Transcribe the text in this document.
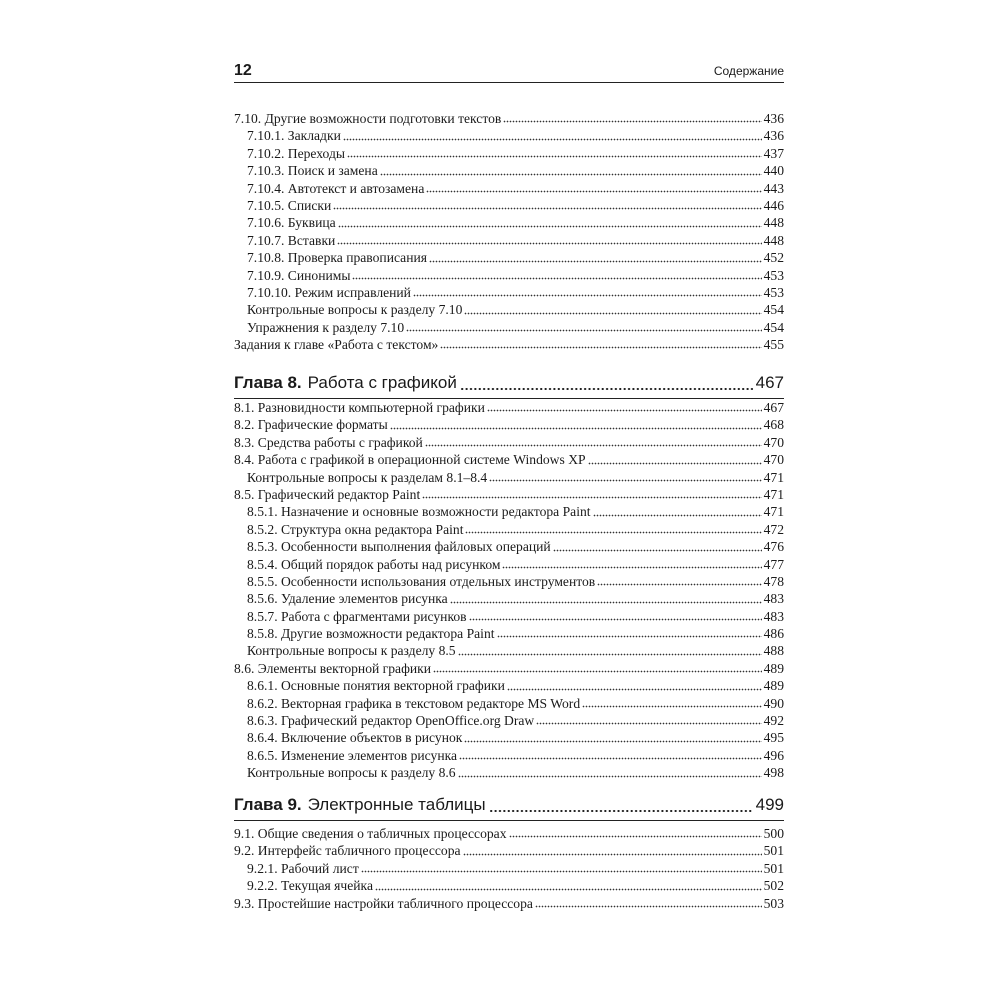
12	Содержание
7.10. Другие возможности подготовки текстов	436
7.10.1. Закладки	436
7.10.2. Переходы	437
7.10.3. Поиск и замена	440
7.10.4. Автотекст и автозамена	443
7.10.5. Списки	446
7.10.6. Буквица	448
7.10.7. Вставки	448
7.10.8. Проверка правописания	452
7.10.9. Синонимы	453
7.10.10. Режим исправлений	453
Контрольные вопросы к разделу 7.10	454
Упражнения к разделу 7.10	454
Задания к главе «Работа с текстом»	455
Глава 8. Работа с графикой	467
8.1. Разновидности компьютерной графики	467
8.2. Графические форматы	468
8.3. Средства работы с графикой	470
8.4. Работа с графикой в операционной системе Windows XP	470
Контрольные вопросы к разделам 8.1–8.4	471
8.5. Графический редактор Paint	471
8.5.1. Назначение и основные возможности редактора Paint	471
8.5.2. Структура окна редактора Paint	472
8.5.3. Особенности выполнения файловых операций	476
8.5.4. Общий порядок работы над рисунком	477
8.5.5. Особенности использования отдельных инструментов	478
8.5.6. Удаление элементов рисунка	483
8.5.7. Работа с фрагментами рисунков	483
8.5.8. Другие возможности редактора Paint	486
Контрольные вопросы к разделу 8.5	488
8.6. Элементы векторной графики	489
8.6.1. Основные понятия векторной графики	489
8.6.2. Векторная графика в текстовом редакторе MS Word	490
8.6.3. Графический редактор OpenOffice.org Draw	492
8.6.4. Включение объектов в рисунок	495
8.6.5. Изменение элементов рисунка	496
Контрольные вопросы к разделу 8.6	498
Глава 9. Электронные таблицы	499
9.1. Общие сведения о табличных процессорах	500
9.2. Интерфейс табличного процессора	501
9.2.1. Рабочий лист	501
9.2.2. Текущая ячейка	502
9.3. Простейшие настройки табличного процессора	503
